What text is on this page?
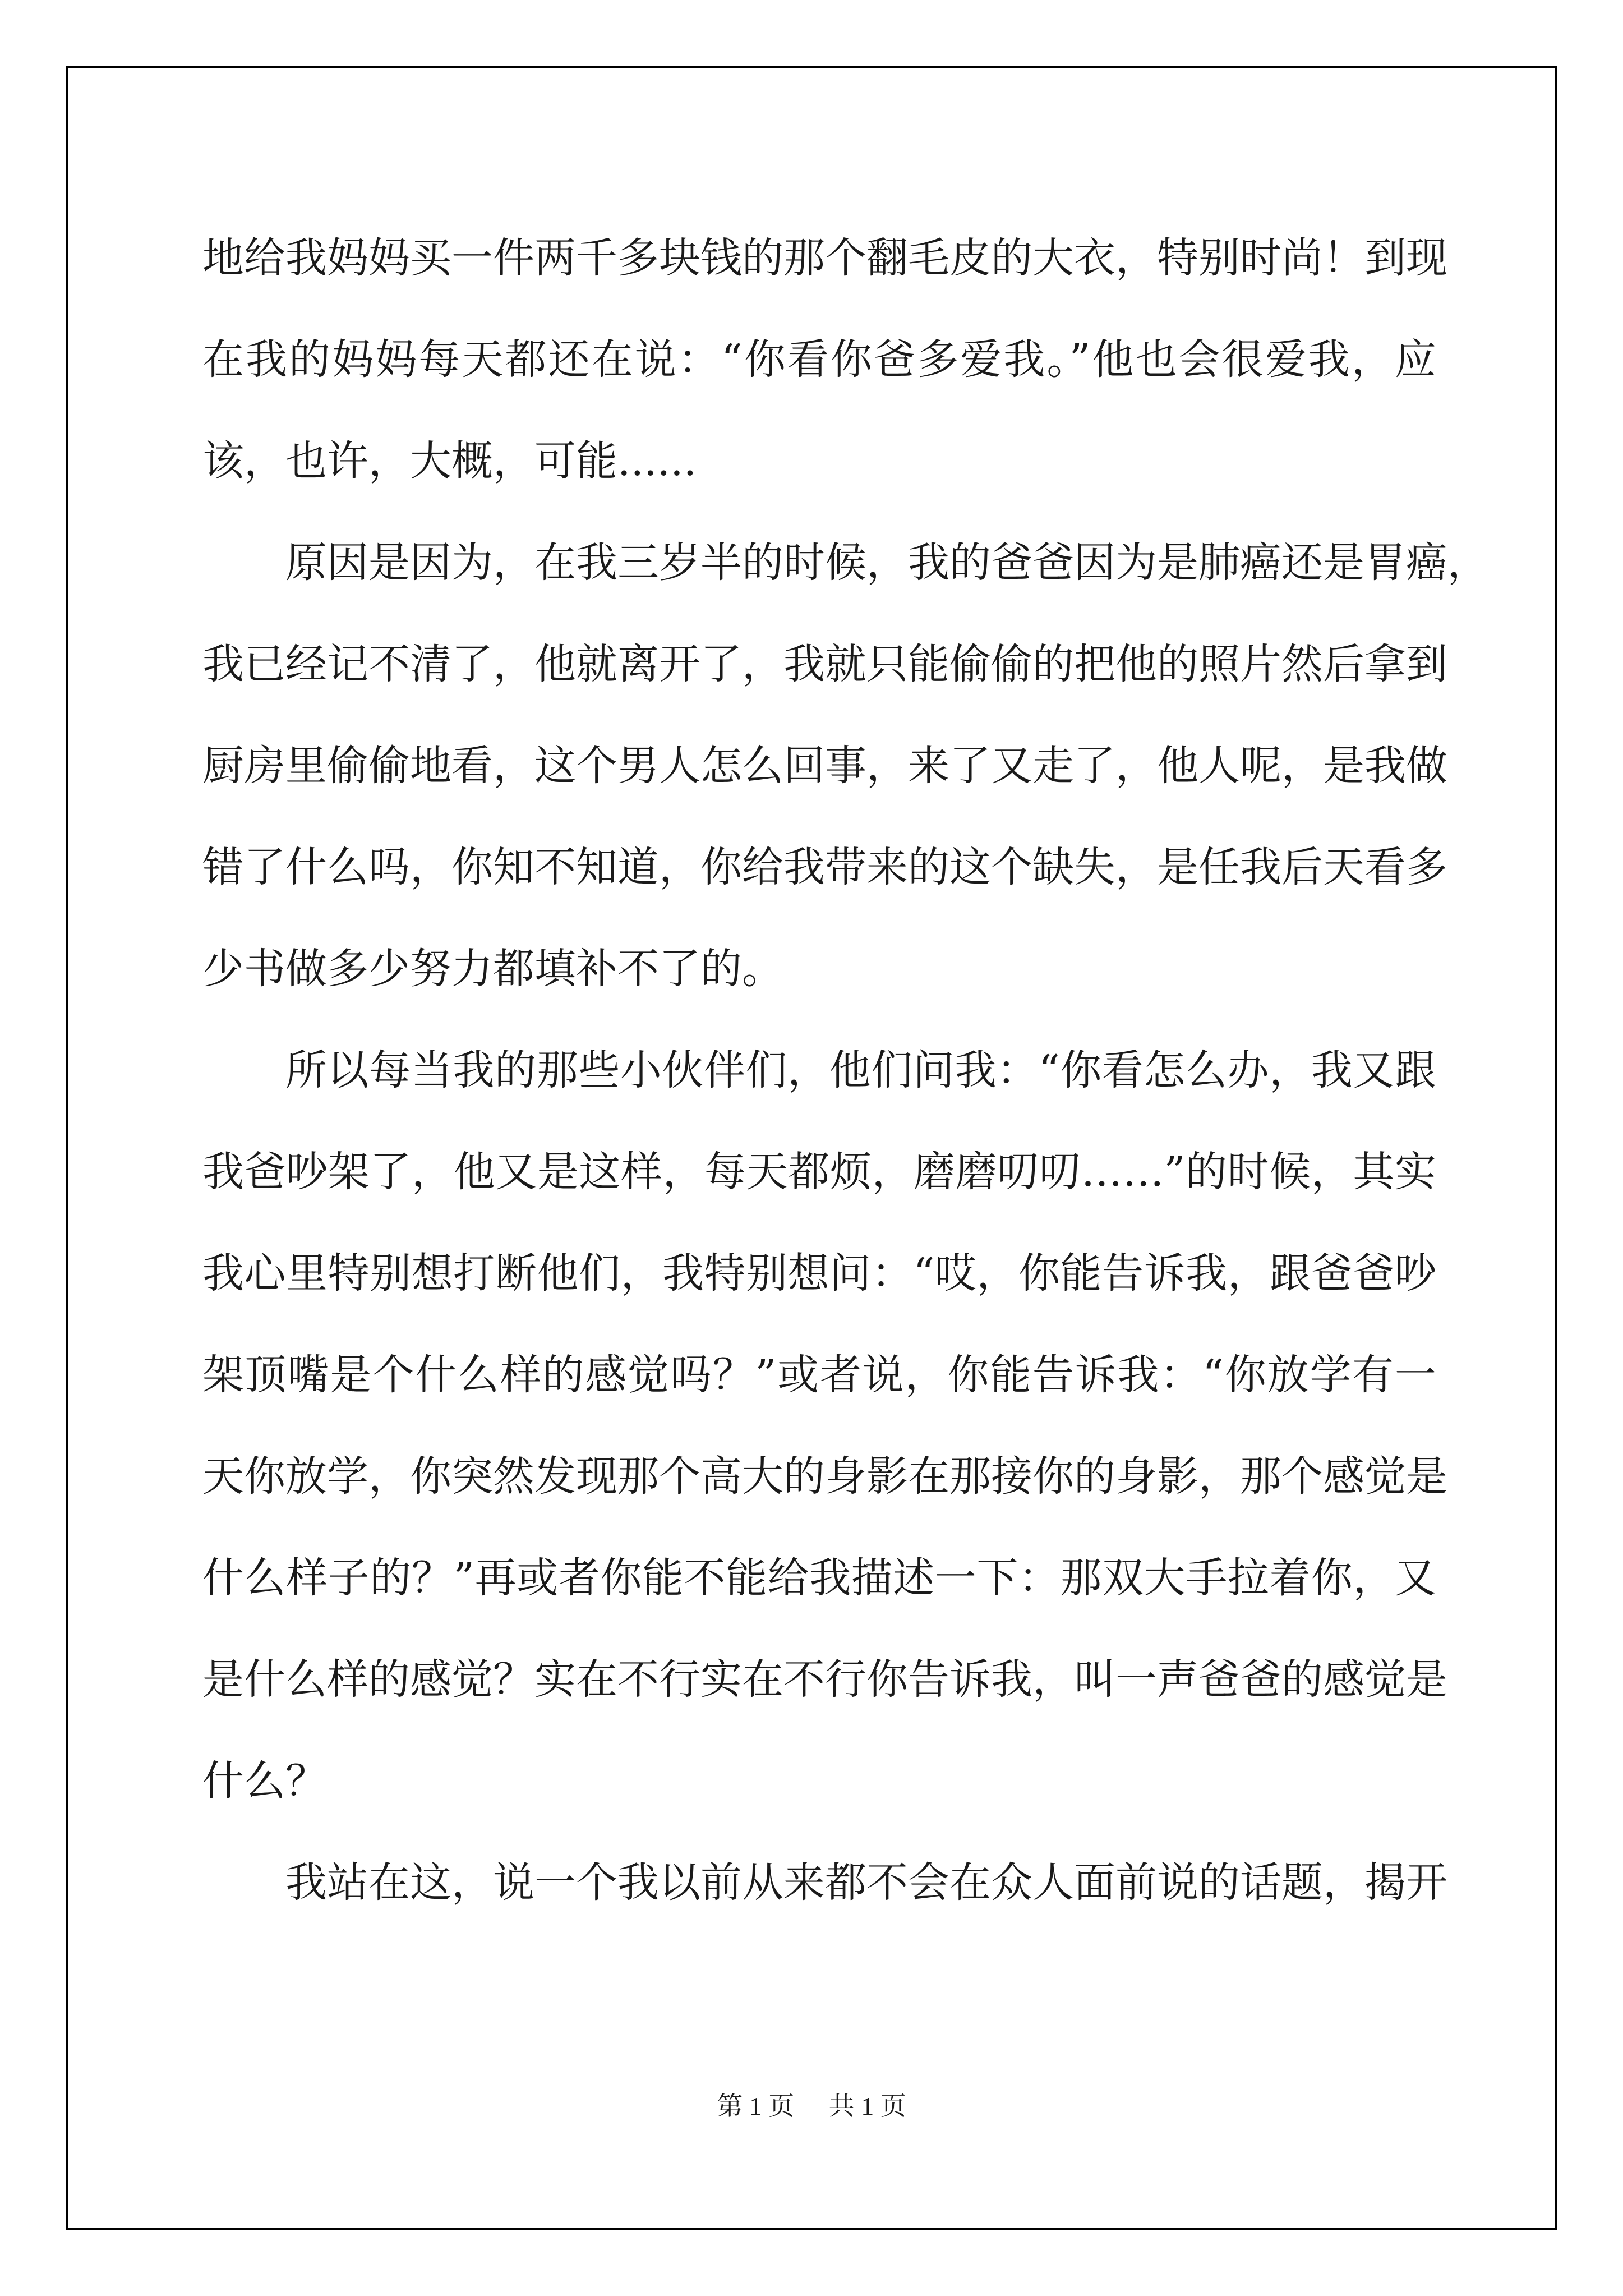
地给我妈妈买一件两千多块钱的那个翻毛皮的大衣，特别时尚！到现
在我的妈妈每天都还在说：“你看你爸多爱我。”他也会很爱我，应
该，也许，大概，可能......
原因是因为，在我三岁半的时候，我的爸爸因为是肺癌还是胃癌，
我已经记不清了，他就离开了，我就只能偷偷的把他的照片然后拿到
厨房里偷偷地看，这个男人怎么回事，来了又走了，他人呢，是我做
错了什么吗，你知不知道，你给我带来的这个缺失，是任我后天看多
少书做多少努力都填补不了的。
所以每当我的那些小伙伴们，他们问我：“你看怎么办，我又跟
我爸吵架了，他又是这样，每天都烦，磨磨叨叨……”的时候，其实
我心里特别想打断他们，我特别想问：“哎，你能告诉我，跟爸爸吵
架顶嘴是个什么样的感觉吗？”或者说，你能告诉我：“你放学有一
天你放学，你突然发现那个高大的身影在那接你的身影，那个感觉是
什么样子的？”再或者你能不能给我描述一下：那双大手拉着你，又
是什么样的感觉？实在不行实在不行你告诉我，叫一声爸爸的感觉是
什么？
我站在这，说一个我以前从来都不会在众人面前说的话题，揭开
第 1 页 共 1 页
